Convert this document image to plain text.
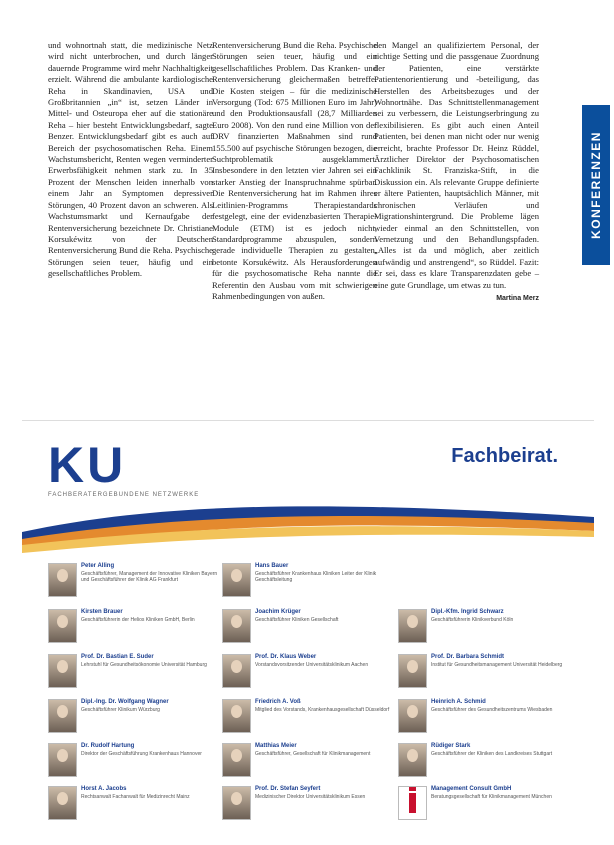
und wohnortnah statt, die medizinische Netz wird nicht unterbrochen, und durch länger dauernde Programme wird mehr Nachhaltigkeit erzielt. Während die ambulante kardiologische Reha in Skandinavien, USA und Großbritannien „in“ ist, setzen Länder in Mittel- und Osteuropa eher auf die stationäre Reha – hier besteht Entwicklungsbedarf, sagte Benzer. Entwicklungsbedarf gibt es auch auf Bereich der psychosomatischen Reha. Einem Wachstumsbericht, Renten wegen verminderter Erwerbsfähigkeit nehmen stark zu. In 35 Prozent der Menschen leiden innerhalb von einem Jahr an Symptomen depressiver Störungen, 40 Prozent davon an schweren. Als Wachstumsmarkt und Kernaufgabe der Rentenversicherung bezeichnete Dr. Christiane Korsukéwitz von der Deutschen Rentenversicherung Bund die Reha. Psychische Störungen seien teuer, häufig und ein gesellschaftliches Problem.

Rentenversicherung Bund die Reha. Psychische Störungen seien teuer, häufig und ein gesellschaftliches Problem. Das Kranken- und Rentenversicherung gleichermaßen betreffe. Die Kosten steigen – für die medizinische Versorgung (Tod: 675 Millionen Euro im Jahr) und den Produktionsausfall (28,7 Milliarden Euro 2008). Von den rund eine Million von der DRV finanzierten Maßnahmen sind rund 155.500 auf psychische Störungen bezogen, die Suchtproblematik ausgeklammert. Insbesondere in den letzten vier Jahren sei ein starker Anstieg der Inanspruchnahme spürbar. Die Rentenversicherung hat im Rahmen ihres Leitlinien-Programms Therapiestandards festgelegt, eine der evidenzbasierten Therapie-Module (ETM) ist es jedoch nicht, Standardprogramme abzuspulen, sondern gerade individuelle Therapien zu gestalten, betonte Korsukéwitz. Als Herausforderungen für die psychosomatische Reha nannte die Referentin den Ausbau vom mit schwierigen Rahmenbedingungen von außen.

den Mangel an qualifiziertem Personal, der richtige Setting und die passgenaue Zuordnung der Patienten, eine verstärkte Patientenorientierung und -beteiligung, das Herstellen des Arbeitsbezuges und der Wohnortnähe. Das Schnittstellenmanagement sei zu verbessern, die Leistungserbringung zu flexibilisieren. Es gibt auch einen Anteil Patienten, bei denen man nicht oder nur wenig erreicht, brachte Professor Dr. Heinz Rüddel, Ärztlicher Direktor der Psychosomatischen Fachklinik St. Franziska-Stift, in die Diskussion ein. Als relevante Gruppe definierte er ältere Patienten, hauptsächlich Männer, mit chronischen Verläufen und Migrationshintergrund. Die Probleme lägen wieder einmal an den Schnittstellen, von Vernetzung und den Behandlungspfaden. „Alles ist da und möglich, aber zeitlich aufwändig und anstrengend“, so Rüddel. Fazit: Er sei, dass es klare Transparenzdaten gebe – eine gute Grundlage, um etwas zu tun.

Martina Merz
KONFERENZEN
KU
FACHBERATERGEBUNDENE NETZWERKE
Fachbeirat.
Peter Alling
Geschäftsführer, Management der Innovative Kliniken Bayern und Geschäftsführer der Klinik AG Frankfurt
Hans Bauer
Geschäftsführer Krankenhaus Kliniken Leiter der Klinik Geschäftsleitung
Kirsten Brauer
Geschäftsführerin der Helios Kliniken GmbH, Berlin
Joachim Krüger
Geschäftsführer Kliniken Gesellschaft
Dipl.-Kfm. Ingrid Schwarz
Geschäftsführerin Klinikverbund Köln
Prof. Dr. Bastian E. Suder
Lehrstuhl für Gesundheitsökonomie Universität Hamburg
Prof. Dr. Klaus Weber
Vorstandsvorsitzender Universitätsklinikum Aachen
Prof. Dr. Barbara Schmidt
Institut für Gesundheitsmanagement Universität Heidelberg
Dipl.-Ing. Dr. Wolfgang Wagner
Geschäftsführer Klinikum Würzburg
Friedrich A. Voß
Mitglied des Vorstands, Krankenhausgesellschaft Düsseldorf
Heinrich A. Schmid
Geschäftsführer des Gesundheitszentrums Wiesbaden
Dr. Rudolf Hartung
Direktor der Geschäftsführung Krankenhaus Hannover
Matthias Meier
Geschäftsführer, Gesellschaft für Klinikmanagement
Rüdiger Stark
Geschäftsführer der Kliniken des Landkreises Stuttgart
Horst A. Jacobs
Rechtsanwalt Fachanwalt für Medizinrecht Mainz
Prof. Dr. Stefan Seyfert
Medizinischer Direktor Universitätsklinikum Essen
Management Consult GmbH
Beratungsgesellschaft für Klinikmanagement München
